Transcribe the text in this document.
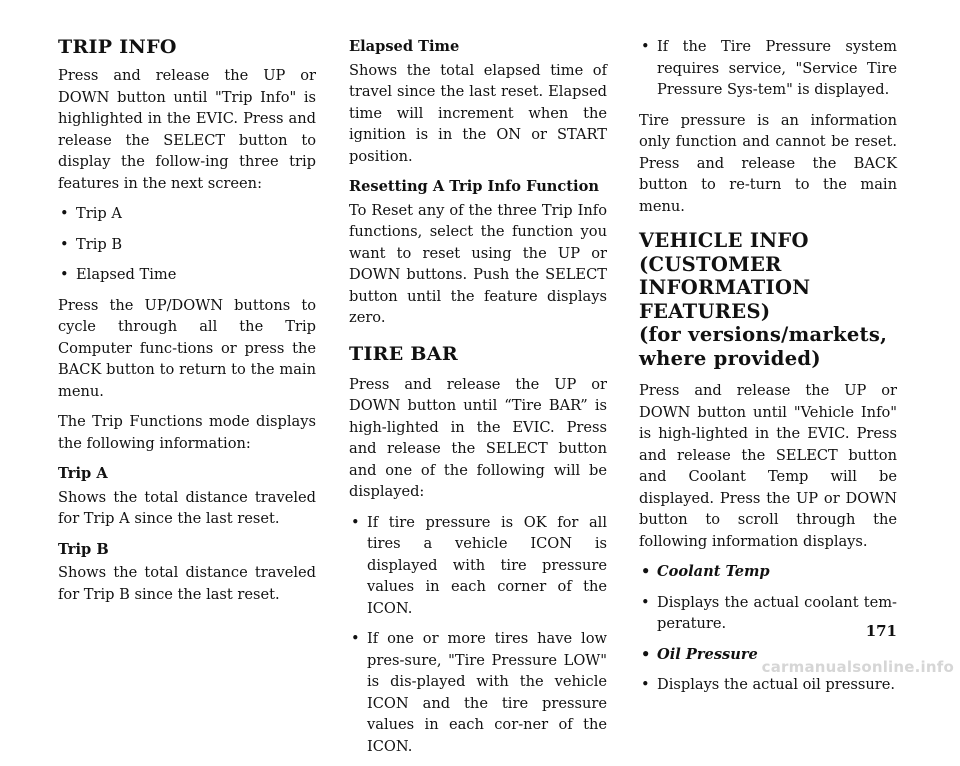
TRIP INFO

Press and release the UP or DOWN button until "Trip Info" is highlighted in the EVIC. Press and release the SELECT button to display the follow-ing three trip features in the next screen:

• Trip A
• Trip B
• Elapsed Time

Press the UP/DOWN buttons to cycle through all the Trip Computer func-tions or press the BACK button to return to the main menu.

The Trip Functions mode displays the following information:

Trip A

Shows the total distance traveled for Trip A since the last reset.

Trip B

Shows the total distance traveled for Trip B since the last reset.

Elapsed Time

Shows the total elapsed time of travel since the last reset. Elapsed time will increment when the ignition is in the ON or START position.

Resetting A Trip Info Function

To Reset any of the three Trip Info functions, select the function you want to reset using the UP or DOWN buttons. Push the SELECT button until the feature displays zero.

TIRE BAR

Press and release the UP or DOWN button until “Tire BAR” is high-lighted in the EVIC. Press and release the SELECT button and one of the following will be displayed:

• If tire pressure is OK for all tires a vehicle ICON is displayed with tire pressure values in each corner of the ICON.
• If one or more tires have low pres-sure, "Tire Pressure LOW" is dis-played with the vehicle ICON and the tire pressure values in each cor-ner of the ICON.
• If the Tire Pressure system requires service, "Service Tire Pressure Sys-tem" is displayed.

Tire pressure is an information only function and cannot be reset. Press and release the BACK button to re-turn to the main menu.

VEHICLE INFO (CUSTOMER INFORMATION FEATURES)
(for versions/markets, where provided)

Press and release the UP or DOWN button until "Vehicle Info" is high-lighted in the EVIC. Press and release the SELECT button and Coolant Temp will be displayed. Press the UP or DOWN button to scroll through the following information displays.

• Coolant Temp
• Displays the actual coolant tem-perature.
• Oil Pressure
• Displays the actual oil pressure.
171
carmanualsonline.info
